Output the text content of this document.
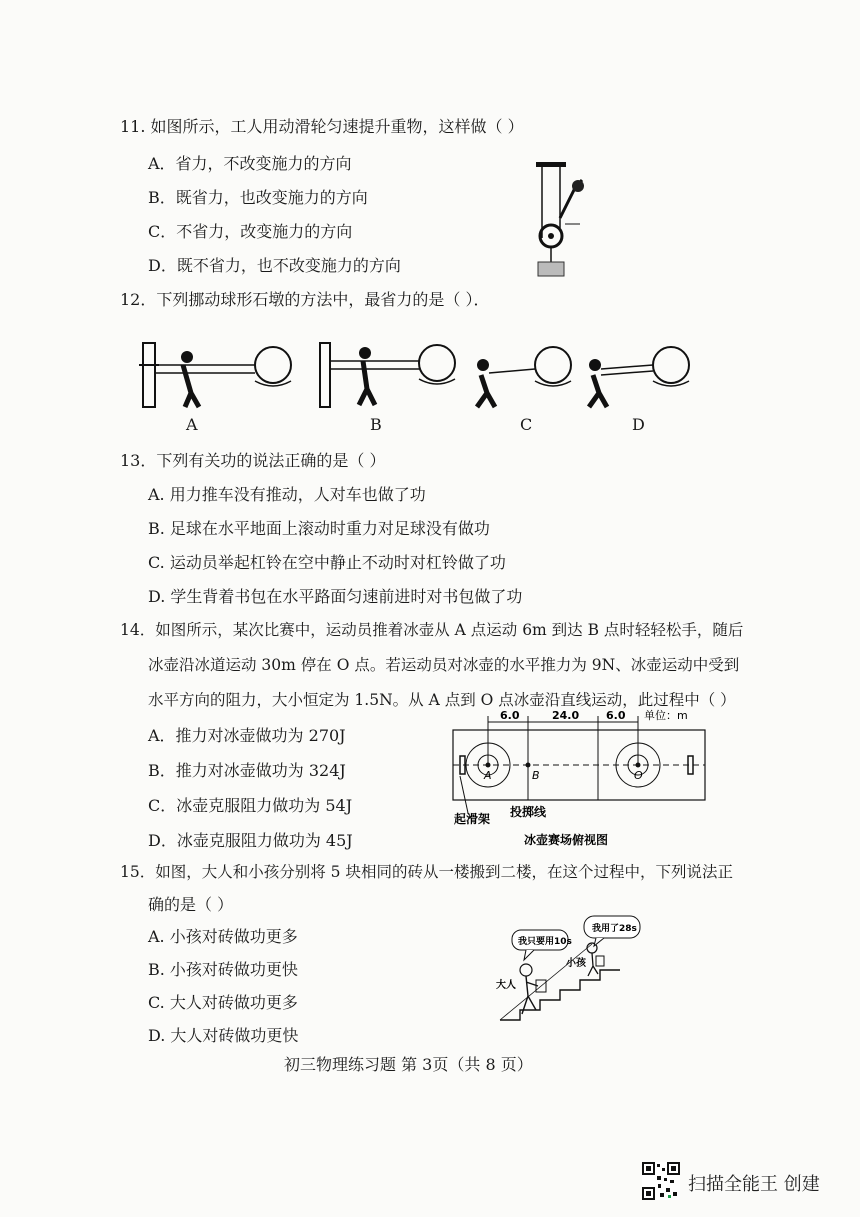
11. 如图所示，工人用动滑轮匀速提升重物，这样做（ ）
A．省力，不改变施力的方向
B．既省力，也改变施力的方向
C．不省力，改变施力的方向
D．既不省力，也不改变施力的方向
12．下列挪动球形石墩的方法中，最省力的是（ ）．
A	B	C	D
13．下列有关功的说法正确的是（ ）
A. 用力推车没有推动，人对车也做了功
B. 足球在水平地面上滚动时重力对足球没有做功
C. 运动员举起杠铃在空中静止不动时对杠铃做了功
D. 学生背着书包在水平路面匀速前进时对书包做了功
14．如图所示，某次比赛中，运动员推着冰壶从 A 点运动 6m 到达 B 点时轻轻松手，随后
冰壶沿冰道运动 30m 停在 O 点。若运动员对冰壶的水平推力为 9N、冰壶运动中受到
水平方向的阻力，大小恒定为 1.5N。从 A 点到 O 点冰壶沿直线运动，此过程中（ ）
A．推力对冰壶做功为 270J
B．推力对冰壶做功为 324J
C．冰壶克服阻力做功为 54J
D．冰壶克服阻力做功为 45J
6.0	24.0 6.0 单位：m
A	B	O
起滑架 投掷线
冰壶赛场俯视图
15．如图，大人和小孩分别将 5 块相同的砖从一楼搬到二楼，在这个过程中，下列说法正
确的是（ ）
A. 小孩对砖做功更多
B. 小孩对砖做功更快
C. 大人对砖做功更多
D. 大人对砖做功更快
我只要用10s
我用了28s
大人
小孩
初三物理练习题 第 3页（共 8 页）
扫描全能王 创建
